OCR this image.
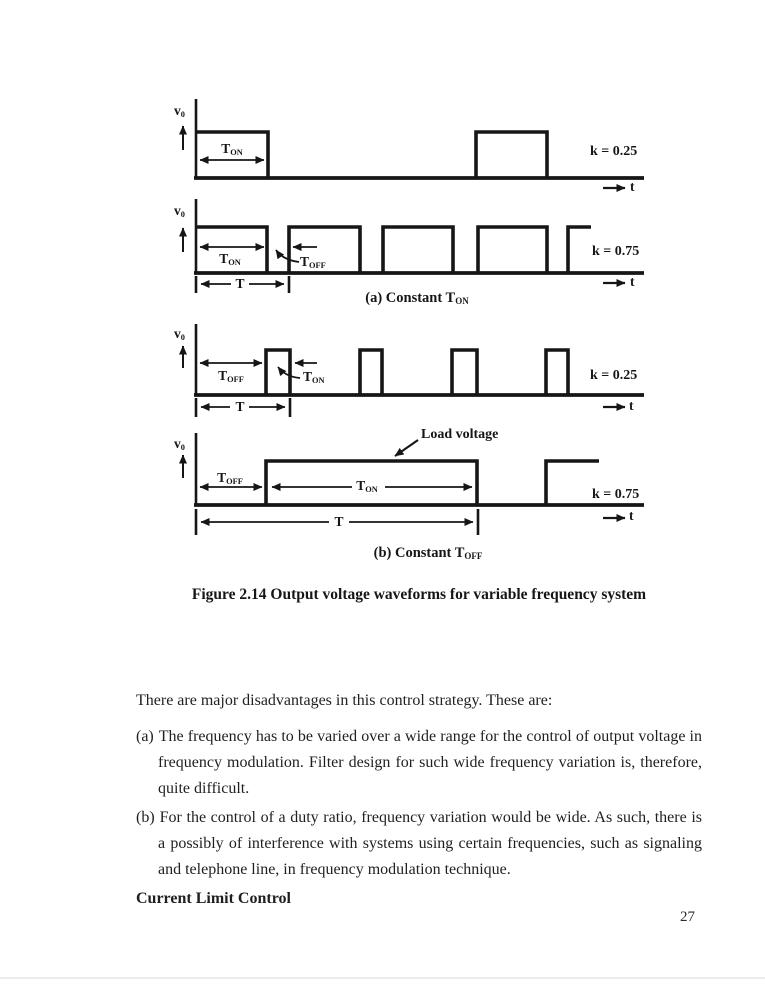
$v_0$
$T_{ON}$	k = 0.25
t
$v_0$
$T_{ON}$	$T_{OFF}$
T
k = 0.75
t
(a) Constant $T_{ON}$
$v_0$
$T_{OFF}$	$T_{ON}$
T
k = 0.25
t
Load voltage
$v_0$
$T_{OFF}$	$T_{ON}$
T
k = 0.75
t
(b) Constant $T_{OFF}$
Figure 2.14 Output voltage waveforms for variable frequency system

There are major disadvantages in this control strategy. These are:

(a) The frequency has to be varied over a wide range for the control of output voltage in frequency modulation. Filter design for such wide frequency variation is, therefore, quite difficult.

(b) For the control of a duty ratio, frequency variation would be wide. As such, there is a possibly of interference with systems using certain frequencies, such as signaling and telephone line, in frequency modulation technique.

Current Limit Control

27
